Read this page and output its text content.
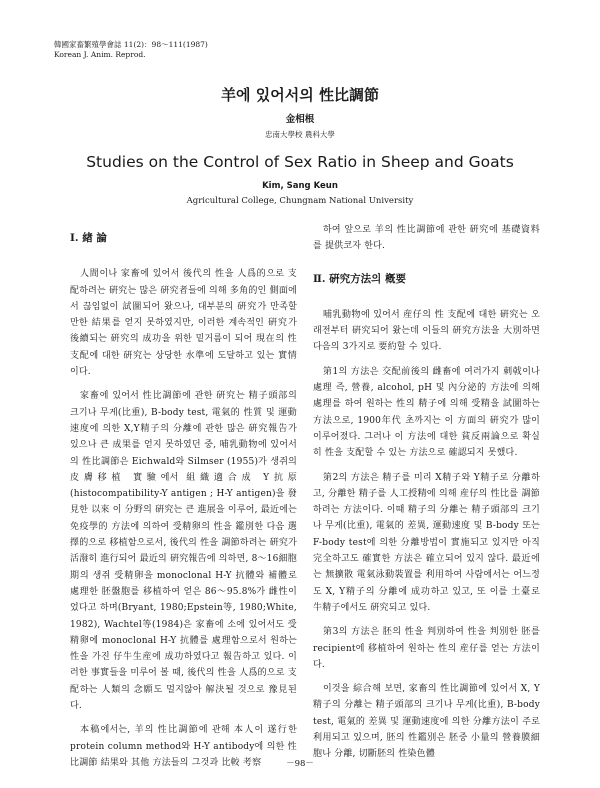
韓國家畜繁殖學會誌 11(2)：98～111(1987)
Korean J. Anim. Reprod.
羊에 있어서의 性比調節
金相根
忠南大學校 農科大學
Studies on the Control of Sex Ratio in Sheep and Goats
Kim, Sang Keun
Agricultural College, Chungnam National University
Ⅰ. 緖 論

人間이나 家畜에 있어서 後代의 性을 人爲的으로 支配하려는 硏究는 많은 硏究者들에 의해 多角的인 側面에서 끊임없이 試圖되어 왔으나, 대부분의 硏究가 만족할만한 結果를 얻지 못하였지만, 이러한 계속적인 硏究가 後續되는 硏究의 成功을 위한 밑거름이 되어 現在의 性支配에 대한 硏究는 상당한 水準에 도달하고 있는 實情이다.

家畜에 있어서 性比調節에 관한 硏究는 精子頭部의 크기나 무게(比重), B-body test, 電氣的 性質 및 運動速度에 의한 X,Y精子의 分離에 관한 많은 硏究報告가 있으나 큰 成果를 얻지 못하였던 중, 哺乳動物에 있어서의 性比調節은 Eichwald와 Silmser (1955)가 생쥐의 皮膚移植 實驗에서 組織適合成 Y抗原 (histocompatibility-Y antigen ; H-Y antigen)을 發見한 以來 이 分野의 硏究는 큰 進展을 이루어, 最近에는 免疫學的 方法에 의하여 受精卵의 性을 鑑別한 다음 選擇的으로 移植함으로서, 後代의 性을 調節하려는 硏究가 活潑히 進行되어 最近의 硏究報告에 의하면, 8～16細胞期의 생쥐 受精卵을 monoclonal H-Y 抗體와 補體로 處理한 胚盤胞를 移植하여 얻은 86～95.8%가 雌性이었다고 하며(Bryant, 1980;Epstein等, 1980;White, 1982), Wachtel等(1984)은 家畜에 소에 있어서도 受精卵에 monoclonal H-Y 抗體를 處理함으로서 원하는 性을 가진 仔牛生産에 成功하였다고 報告하고 있다. 이러한 事實들을 미루어 볼 때, 後代의 性을 人爲的으로 支配하는 人類의 念願도 멀지않아 解決될 것으로 豫見된다.

本稿에서는, 羊의 性比調節에 관해 本人이 遂行한 protein column method와 H-Y antibody에 의한 性比調節 結果와 其他 方法들의 그것과 比較 考察

하여 앞으로 羊의 性比調節에 관한 硏究에 基礎資料를 提供코자 한다.

Ⅱ. 硏究方法의 槪要

哺乳動物에 있어서 産仔의 性 支配에 대한 硏究는 오래전부터 硏究되어 왔는데 이들의 硏究方法을 大別하면 다음의 3가지로 要約할 수 있다.

第1의 方法은 交配前後의 雌畜에 여러가지 刺戟이나 處理 즉, 營養, alcohol, pH 및 內分泌的 方法에 의해 處理를 하여 원하는 性의 精子에 의해 受精을 試圖하는 方法으로, 1900年代 초까지는 이 方面의 硏究가 많이 이루어졌다. 그러나 이 方法에 대한 貧反兩論으로 확실히 性을 支配할 수 있는 方法으로 確認되지 못했다.

第2의 方法은 精子를 미리 X精子와 Y精子로 分離하고, 分離한 精子를 人工授精에 의해 産仔의 性比를 調節하려는 方法이다. 이때 精子의 分離는 精子頭部의 크기나 무게(比重), 電氣的 差異, 運動速度 및 B-body 또는 F-body test에 의한 分離방법이 實施되고 있지만 아직 完全하고도 確實한 方法은 確立되어 있지 않다. 最近에는 無擴散 電氣泳動裝置를 利用하여 사람에서는 어느정도 X, Y精子의 分離에 成功하고 있고, 또 이를 土臺로 牛精子에서도 硏究되고 있다.

第3의 方法은 胚의 性을 判別하여 性을 判別한 胚를 recipient에 移植하여 원하는 性의 産仔를 얻는 方法이다.

이것을 綜合해 보면, 家畜의 性比調節에 있어서 X, Y精子의 分離는 精子頭部의 크기나 무게(比重), B-body test, 電氣的 差異 및 運動速度에 의한 分離方法이 주로 利用되고 있으며, 胚의 性鑑別은 胚중 小量의 營養膜細胞나 分離, 切斷胚의 性染色體

－98－
